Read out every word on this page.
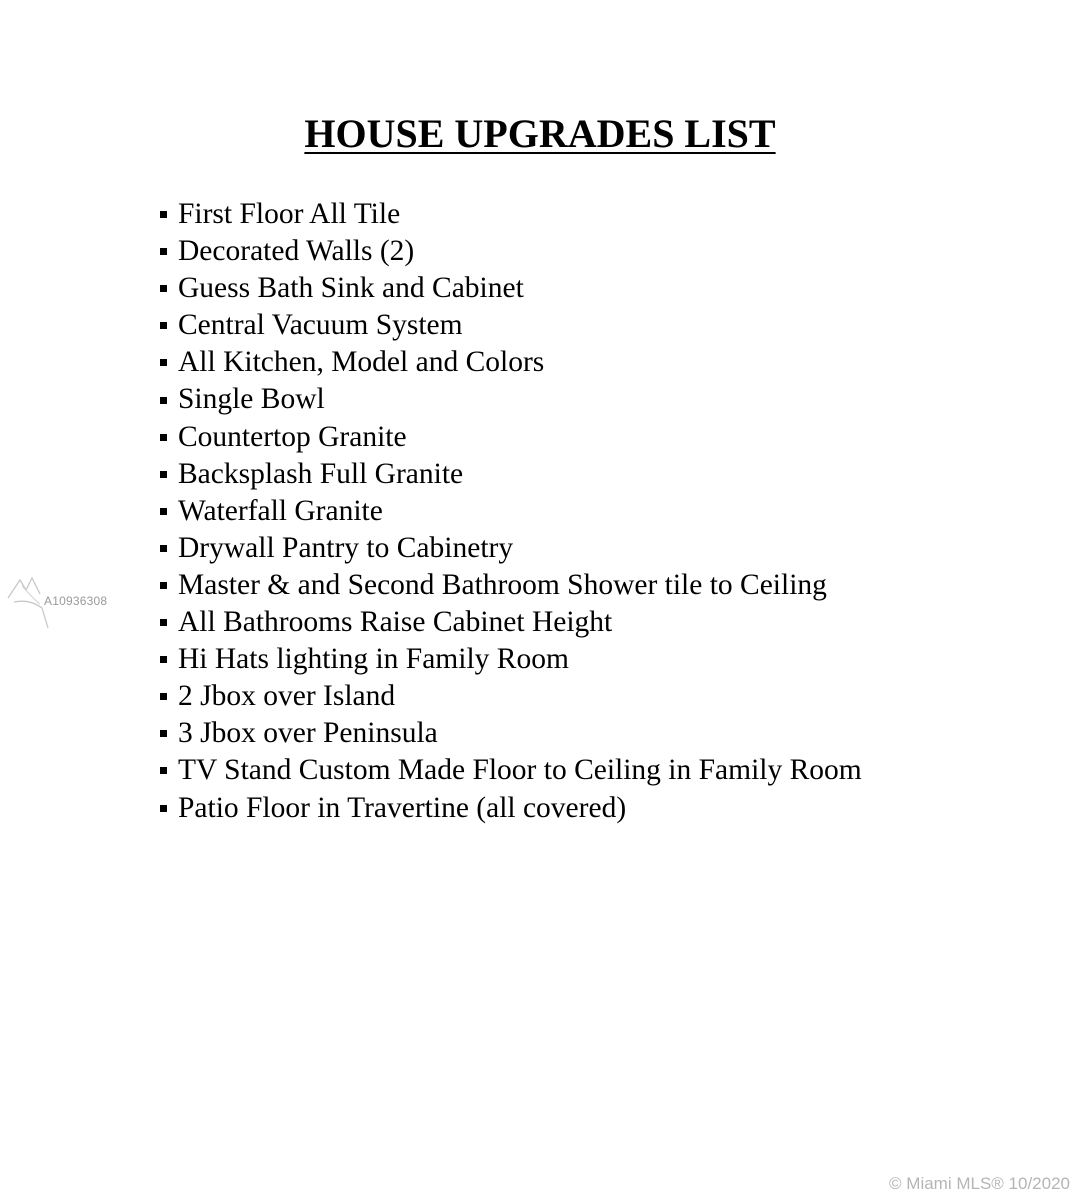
HOUSE UPGRADES LIST
First Floor All Tile
Decorated Walls (2)
Guess Bath Sink and Cabinet
Central Vacuum System
All Kitchen, Model and Colors
Single Bowl
Countertop Granite
Backsplash Full Granite
Waterfall Granite
Drywall Pantry to Cabinetry
Master & and Second Bathroom Shower tile to Ceiling
All Bathrooms Raise Cabinet Height
Hi Hats lighting in Family Room
2 Jbox over Island
3 Jbox over Peninsula
TV Stand Custom Made Floor to Ceiling in Family Room
Patio Floor in Travertine (all covered)
A10936308
© Miami MLS® 10/2020
